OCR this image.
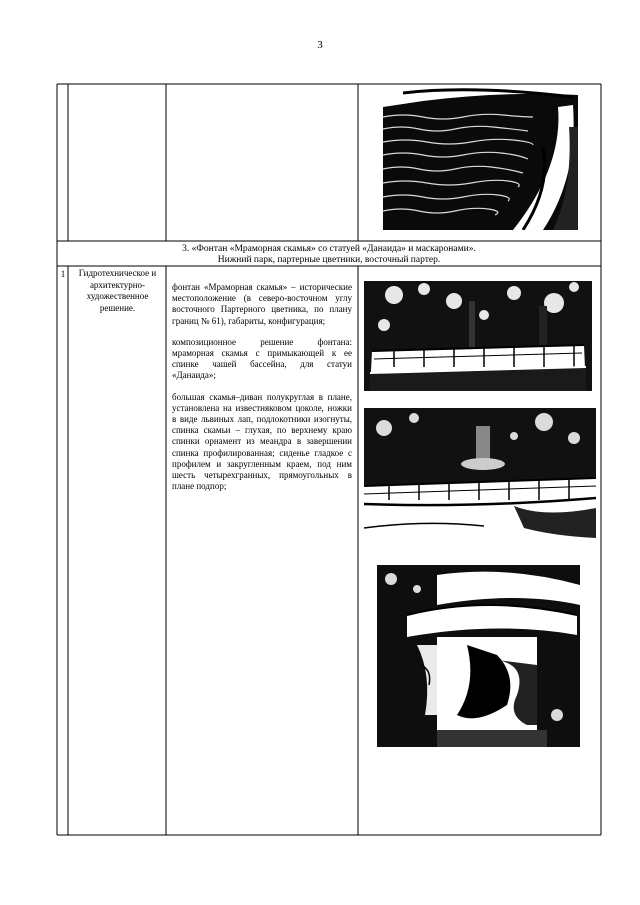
3
3. «Фонтан «Мраморная скамья» со статуей «Данаида» и маскаронами».
Нижний парк, партерные цветники, восточный партер.
1	Гидротехническое и архитектурно-художественное решение.

фонтан «Мраморная скамья» – исторические местоположение (в северо-восточном углу восточного Партерного цветника, по плану границ № 61), габариты, конфигурация;

композиционное решение фонтана: мраморная скамья с примыкающей к ее спинке чашей бассейна, для статуи «Данаида»;

большая скамья–диван полукруглая в плане, установлена на известняковом цоколе, ножки в виде львиных лап, подлокотники изогнуты, спинка скамьи – глухая, по верхнему краю спинки орнамент из меандра в завершении спинка профилированная; сиденье гладкое с профилем и закругленным краем, под ним шесть четырехгранных, прямоугольных в плане подпор;
